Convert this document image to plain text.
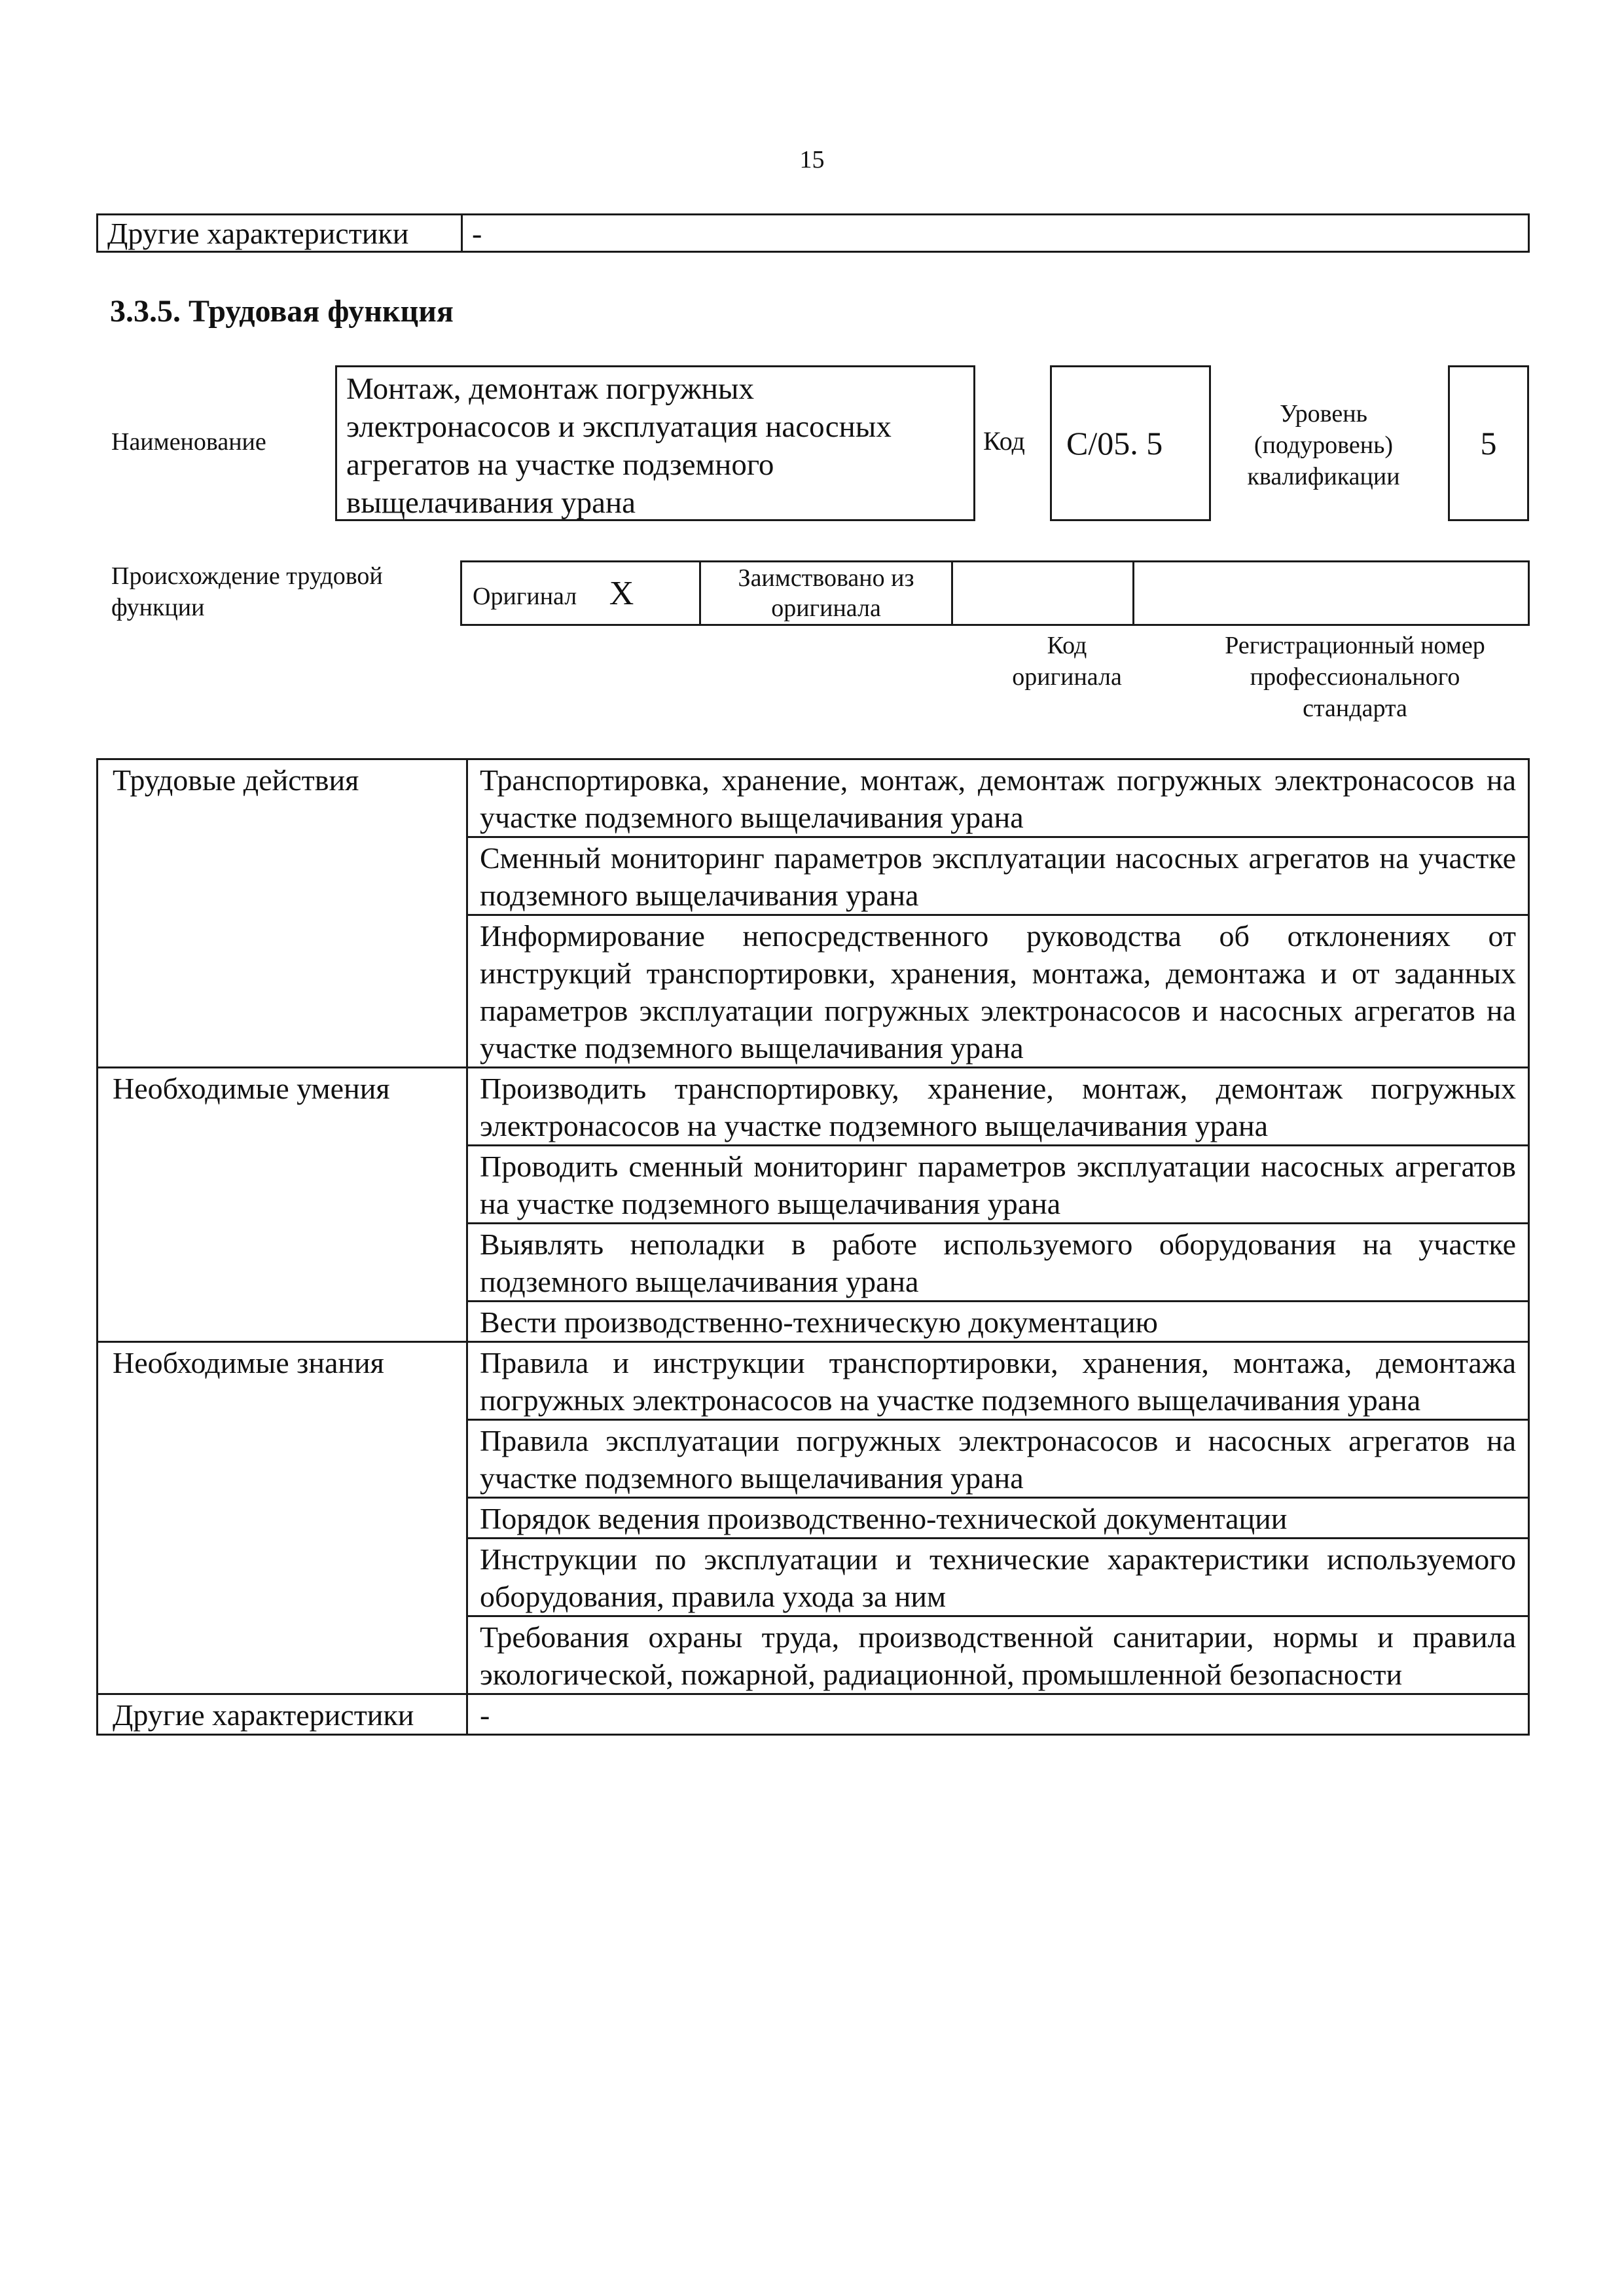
15
Другие характеристики	-
3.3.5. Трудовая функция
Наименование
Монтаж, демонтаж погружных электронасосов и эксплуатация насосных агрегатов на участке подземного выщелачивания урана
Код	C/05. 5
Уровень
(подуровень)
квалификации
5
Происхождение трудовой
функции	Оригинал X	Заимствовано из
оригинала

Код
оригинала
Регистрационный номер
профессионального
стандарта
Трудовые действия	Транспортировка, хранение, монтаж, демонтаж погружных электронасосов на участке подземного выщелачивания урана
	Сменный мониторинг параметров эксплуатации насосных агрегатов на участке подземного выщелачивания урана
	Информирование непосредственного руководства об отклонениях от инструкций транспортировки, хранения, монтажа, демонтажа и от заданных параметров эксплуатации погружных электронасосов и насосных агрегатов на участке подземного выщелачивания урана
Необходимые умения	Производить транспортировку, хранение, монтаж, демонтаж погружных электронасосов на участке подземного выщелачивания урана
	Проводить сменный мониторинг параметров эксплуатации насосных агрегатов на участке подземного выщелачивания урана
	Выявлять неполадки в работе используемого оборудования на участке подземного выщелачивания урана
	Вести производственно-техническую документацию
Необходимые знания	Правила и инструкции транспортировки, хранения, монтажа, демонтажа погружных электронасосов на участке подземного выщелачивания урана
	Правила эксплуатации погружных электронасосов и насосных агрегатов на участке подземного выщелачивания урана
	Порядок ведения производственно-технической документации
	Инструкции по эксплуатации и технические характеристики используемого оборудования, правила ухода за ним
	Требования охраны труда, производственной санитарии, нормы и правила экологической, пожарной, радиационной, промышленной безопасности
Другие характеристики	-
